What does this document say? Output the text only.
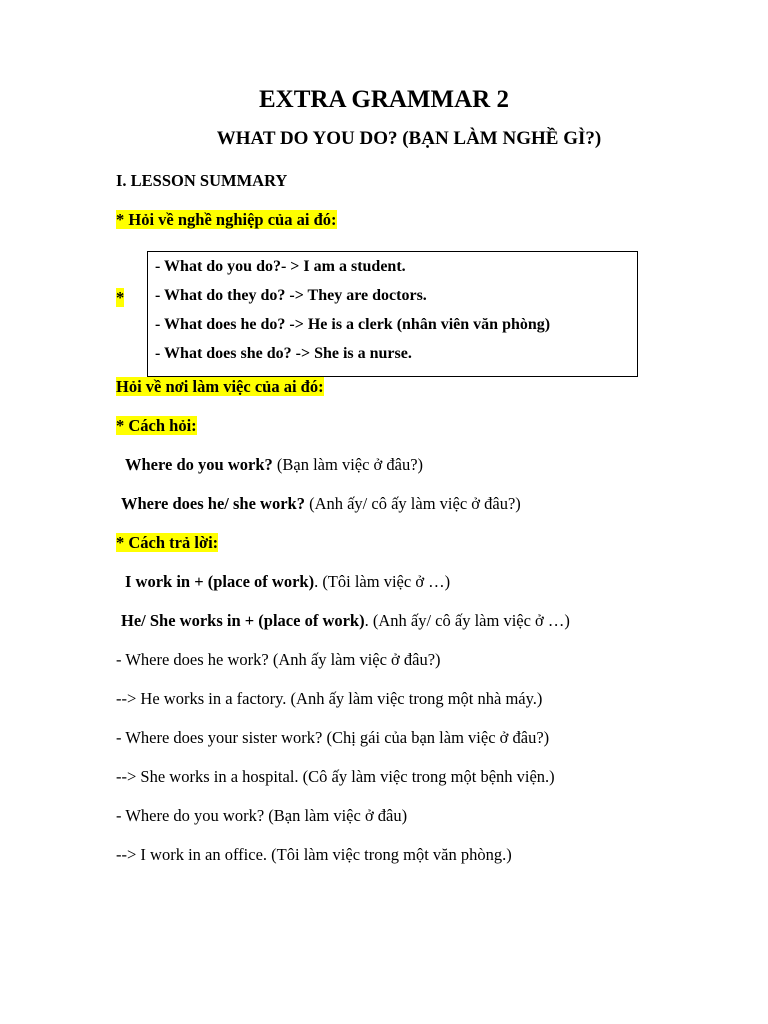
EXTRA GRAMMAR 2
WHAT DO YOU DO? (BẠN LÀM NGHỀ GÌ?)
I. LESSON SUMMARY
* Hỏi về nghề nghiệp của ai đó:
*
- What do you do?- > I am a student.
- What do they do? -> They are doctors.
- What does he do? -> He is a clerk (nhân viên văn phòng)
- What does she do? -> She is a nurse.
Hỏi về nơi làm việc của ai đó:
* Cách hỏi:
Where do you work? (Bạn làm việc ở đâu?)
Where does he/ she work? (Anh ấy/ cô ấy làm việc ở đâu?)
* Cách trả lời:
I work in + (place of work). (Tôi làm việc ở …)
He/ She works in + (place of work). (Anh ấy/ cô ấy làm việc ở …)
- Where does he work? (Anh ấy làm việc ở đâu?)
--> He works in a factory. (Anh ấy làm việc trong một nhà máy.)
- Where does your sister work? (Chị gái của bạn làm việc ở đâu?)
--> She works in a hospital. (Cô ấy làm việc trong một bệnh viện.)
- Where do you work? (Bạn làm việc ở đâu)
--> I work in an office. (Tôi làm việc trong một văn phòng.)
